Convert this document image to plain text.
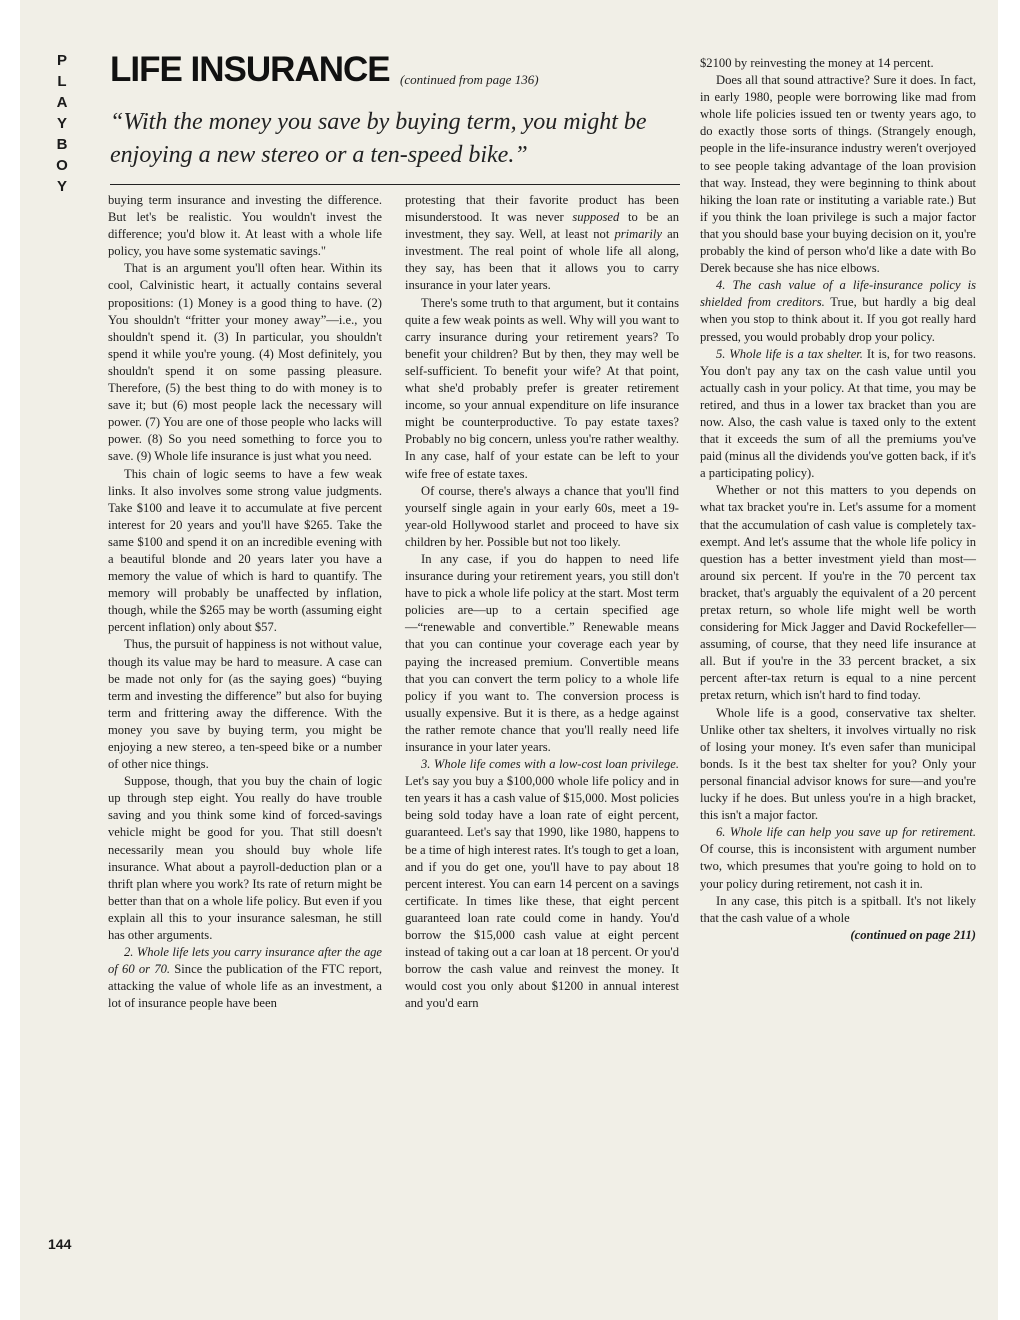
P
L
A
Y
B
O
Y
LIFE INSURANCE (continued from page 136)
“With the money you save by buying term, you might be enjoying a new stereo or a ten-speed bike.”

buying term insurance and investing the difference. But let's be realistic. You wouldn't invest the difference; you'd blow it. At least with a whole life policy, you have some systematic savings."

That is an argument you'll often hear. Within its cool, Calvinistic heart, it actually contains several propositions: (1) Money is a good thing to have. (2) You shouldn't “fritter your money away”—i.e., you shouldn't spend it. (3) In particular, you shouldn't spend it while you're young. (4) Most definitely, you shouldn't spend it on some passing pleasure. Therefore, (5) the best thing to do with money is to save it; but (6) most people lack the necessary will power. (7) You are one of those people who lacks will power. (8) So you need something to force you to save. (9) Whole life insurance is just what you need.

This chain of logic seems to have a few weak links. It also involves some strong value judgments. Take $100 and leave it to accumulate at five percent interest for 20 years and you'll have $265. Take the same $100 and spend it on an incredible evening with a beautiful blonde and 20 years later you have a memory the value of which is hard to quantify. The memory will probably be unaffected by inflation, though, while the $265 may be worth (assuming eight percent inflation) only about $57.

Thus, the pursuit of happiness is not without value, though its value may be hard to measure. A case can be made not only for (as the saying goes) “buying term and investing the difference” but also for buying term and frittering away the difference. With the money you save by buying term, you might be enjoying a new stereo, a ten-speed bike or a number of other nice things.

Suppose, though, that you buy the chain of logic up through step eight. You really do have trouble saving and you think some kind of forced-savings vehicle might be good for you. That still doesn't necessarily mean you should buy whole life insurance. What about a payroll-deduction plan or a thrift plan where you work? Its rate of return might be better than that on a whole life policy. But even if you explain all this to your insurance salesman, he still has other arguments.

2. Whole life lets you carry insurance after the age of 60 or 70. Since the publication of the FTC report, attacking the value of whole life as an investment, a lot of insurance people have been

protesting that their favorite product has been misunderstood. It was never supposed to be an investment, they say. Well, at least not primarily an investment. The real point of whole life all along, they say, has been that it allows you to carry insurance in your later years.

There's some truth to that argument, but it contains quite a few weak points as well. Why will you want to carry insurance during your retirement years? To benefit your children? But by then, they may well be self-sufficient. To benefit your wife? At that point, what she'd probably prefer is greater retirement income, so your annual expenditure on life insurance might be counterproductive. To pay estate taxes? Probably no big concern, unless you're rather wealthy. In any case, half of your estate can be left to your wife free of estate taxes.

Of course, there's always a chance that you'll find yourself single again in your early 60s, meet a 19-year-old Hollywood starlet and proceed to have six children by her. Possible but not too likely.

In any case, if you do happen to need life insurance during your retirement years, you still don't have to pick a whole life policy at the start. Most term policies are—up to a certain specified age—“renewable and convertible.” Renewable means that you can continue your coverage each year by paying the increased premium. Convertible means that you can convert the term policy to a whole life policy if you want to. The conversion process is usually expensive. But it is there, as a hedge against the rather remote chance that you'll really need life insurance in your later years.

3. Whole life comes with a low-cost loan privilege. Let's say you buy a $100,000 whole life policy and in ten years it has a cash value of $15,000. Most policies being sold today have a loan rate of eight percent, guaranteed. Let's say that 1990, like 1980, happens to be a time of high interest rates. It's tough to get a loan, and if you do get one, you'll have to pay about 18 percent interest. You can earn 14 percent on a savings certificate. In times like these, that eight percent guaranteed loan rate could come in handy. You'd borrow the $15,000 cash value at eight percent instead of taking out a car loan at 18 percent. Or you'd borrow the cash value and reinvest the money. It would cost you only about $1200 in annual interest and you'd earn

$2100 by reinvesting the money at 14 percent.

Does all that sound attractive? Sure it does. In fact, in early 1980, people were borrowing like mad from whole life policies issued ten or twenty years ago, to do exactly those sorts of things. (Strangely enough, people in the life-insurance industry weren't overjoyed to see people taking advantage of the loan provision that way. Instead, they were beginning to think about hiking the loan rate or instituting a variable rate.) But if you think the loan privilege is such a major factor that you should base your buying decision on it, you're probably the kind of person who'd like a date with Bo Derek because she has nice elbows.

4. The cash value of a life-insurance policy is shielded from creditors. True, but hardly a big deal when you stop to think about it. If you got really hard pressed, you would probably drop your policy.

5. Whole life is a tax shelter. It is, for two reasons. You don't pay any tax on the cash value until you actually cash in your policy. At that time, you may be retired, and thus in a lower tax bracket than you are now. Also, the cash value is taxed only to the extent that it exceeds the sum of all the premiums you've paid (minus all the dividends you've gotten back, if it's a participating policy).

Whether or not this matters to you depends on what tax bracket you're in. Let's assume for a moment that the accumulation of cash value is completely tax-exempt. And let's assume that the whole life policy in question has a better investment yield than most—around six percent. If you're in the 70 percent tax bracket, that's arguably the equivalent of a 20 percent pretax return, so whole life might well be worth considering for Mick Jagger and David Rockefeller—assuming, of course, that they need life insurance at all. But if you're in the 33 percent bracket, a six percent after-tax return is equal to a nine percent pretax return, which isn't hard to find today.

Whole life is a good, conservative tax shelter. Unlike other tax shelters, it involves virtually no risk of losing your money. It's even safer than municipal bonds. Is it the best tax shelter for you? Only your personal financial advisor knows for sure—and you're lucky if he does. But unless you're in a high bracket, this isn't a major factor.

6. Whole life can help you save up for retirement. Of course, this is inconsistent with argument number two, which presumes that you're going to hold on to your policy during retirement, not cash it in.

In any case, this pitch is a spitball. It's not likely that the cash value of a whole

(continued on page 211)

144
